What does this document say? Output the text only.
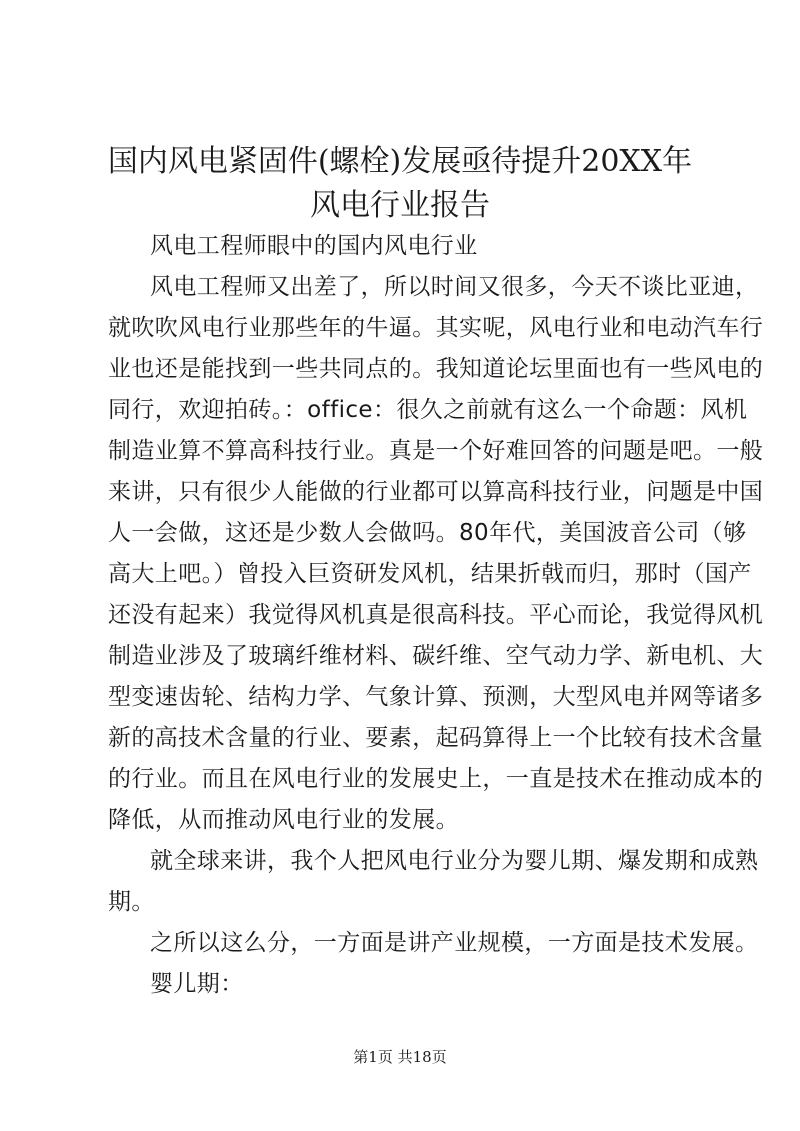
国内风电紧固件(螺栓)发展亟待提升20XX年
风电行业报告
风电工程师眼中的国内风电行业
风电工程师又出差了，所以时间又很多，今天不谈比亚迪，
就吹吹风电行业那些年的牛逼。其实呢，风电行业和电动汽车行
业也还是能找到一些共同点的。我知道论坛里面也有一些风电的
同行，欢迎拍砖。：office：很久之前就有这么一个命题：风机
制造业算不算高科技行业。真是一个好难回答的问题是吧。一般
来讲，只有很少人能做的行业都可以算高科技行业，问题是中国
人一会做，这还是少数人会做吗。80年代，美国波音公司（够
高大上吧。）曾投入巨资研发风机，结果折戟而归，那时（国产
还没有起来）我觉得风机真是很高科技。平心而论，我觉得风机
制造业涉及了玻璃纤维材料、碳纤维、空气动力学、新电机、大
型变速齿轮、结构力学、气象计算、预测，大型风电并网等诸多
新的高技术含量的行业、要素，起码算得上一个比较有技术含量
的行业。而且在风电行业的发展史上，一直是技术在推动成本的
降低，从而推动风电行业的发展。
就全球来讲，我个人把风电行业分为婴儿期、爆发期和成熟
期。
之所以这么分，一方面是讲产业规模，一方面是技术发展。
婴儿期：
第1页 共18页
